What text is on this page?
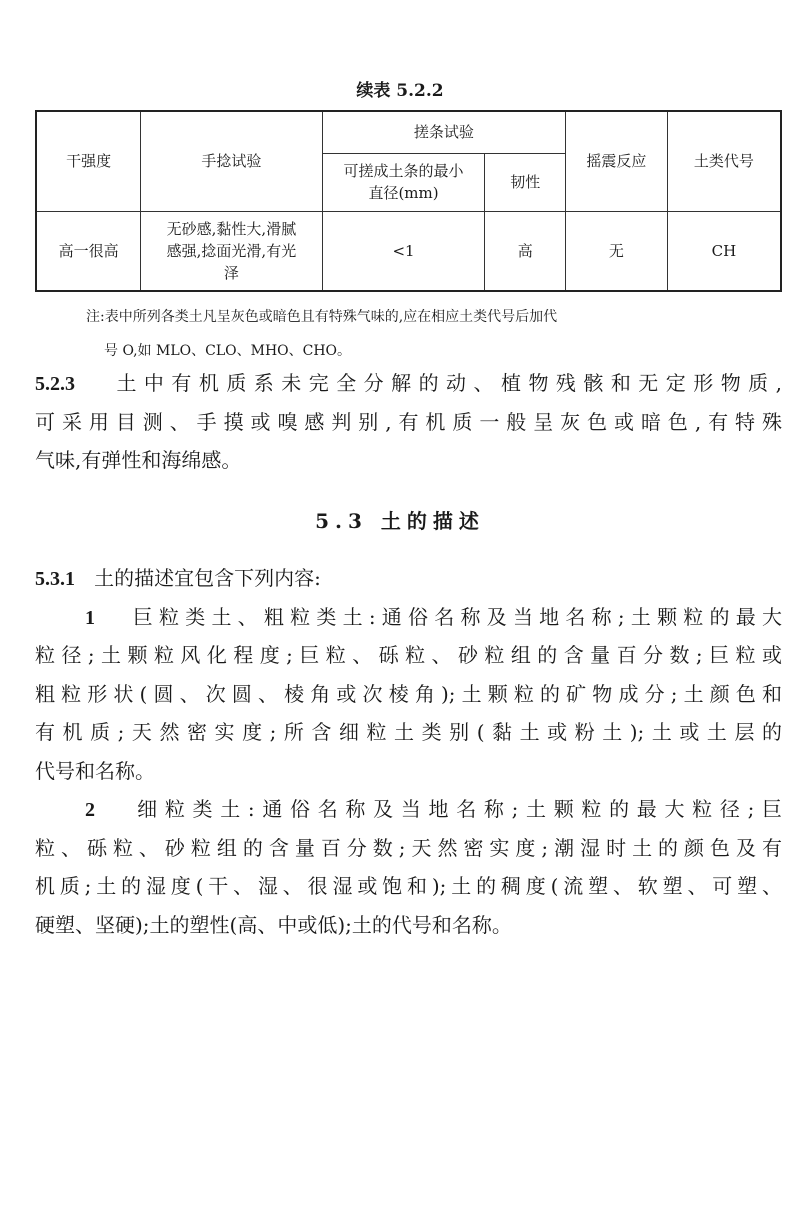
续表 5.2.2
干强度	手捻试验	搓条试验		摇震反应	土类代号
		可搓成土条的最小直径(mm)	韧性		
高一很高	无砂感,黏性大,滑腻感强,捻面光滑,有光泽	<1	高	无	CH
注:表中所列各类土凡呈灰色或暗色且有特殊气味的,应在相应土类代号后加代
号 O,如 MLO、CLO、MHO、CHO。
5.2.3 土中有机质系未完全分解的动、植物残骸和无定形物质,
可采用目测、手摸或嗅感判别,有机质一般呈灰色或暗色,有特殊
气味,有弹性和海绵感。
5.3 土的描述
5.3.1 土的描述宜包含下列内容:
1 巨粒类土、粗粒类土:通俗名称及当地名称;土颗粒的最大
粒径;土颗粒风化程度;巨粒、砾粒、砂粒组的含量百分数;巨粒或
粗粒形状(圆、次圆、棱角或次棱角);土颗粒的矿物成分;土颜色和
有机质;天然密实度;所含细粒土类别(黏土或粉土);土或土层的
代号和名称。
2 细粒类土:通俗名称及当地名称;土颗粒的最大粒径;巨
粒、砾粒、砂粒组的含量百分数;天然密实度;潮湿时土的颜色及有
机质;土的湿度(干、湿、很湿或饱和);土的稠度(流塑、软塑、可塑、
硬塑、坚硬);土的塑性(高、中或低);土的代号和名称。
